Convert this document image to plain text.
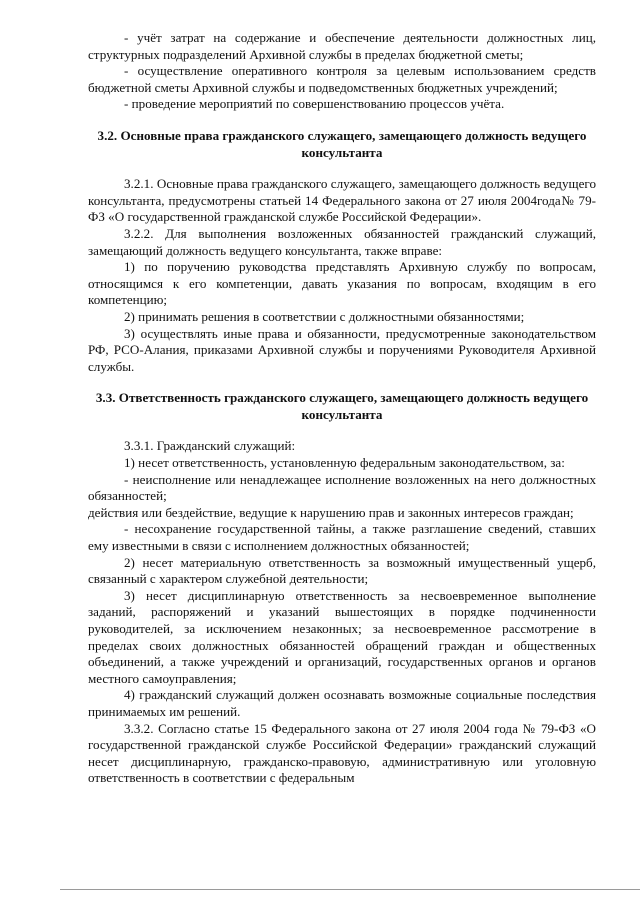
- учёт затрат на содержание и обеспечение деятельности должностных лиц, структурных подразделений Архивной службы в пределах бюджетной сметы;

- осуществление оперативного контроля за целевым использованием средств бюджетной сметы Архивной службы и подведомственных бюджетных учреждений;

- проведение мероприятий по совершенствованию процессов учёта.

3.2. Основные права гражданского служащего, замещающего должность ведущего консультанта

3.2.1. Основные права гражданского служащего, замещающего должность ведущего консультанта, предусмотрены статьей 14 Федерального закона от 27 июля 2004года№ 79-ФЗ «О государственной гражданской службе Российской Федерации».

3.2.2. Для выполнения возложенных обязанностей гражданский служащий, замещающий должность ведущего консультанта, также вправе:

1) по поручению руководства представлять Архивную службу по вопросам, относящимся к его компетенции, давать указания по вопросам, входящим в его компетенцию;

2) принимать решения в соответствии с должностными обязанностями;

3) осуществлять иные права и обязанности, предусмотренные законодательством РФ, РСО-Алания, приказами Архивной службы и поручениями Руководителя Архивной службы.

3.3. Ответственность гражданского служащего, замещающего должность ведущего консультанта

3.3.1. Гражданский служащий:

1) несет ответственность, установленную федеральным законодательством, за:

- неисполнение или ненадлежащее исполнение возложенных на него должностных обязанностей;

действия или бездействие, ведущие к нарушению прав и законных интересов граждан;

- несохранение государственной тайны, а также разглашение сведений, ставших ему известными в связи с исполнением должностных обязанностей;

2) несет материальную ответственность за возможный имущественный ущерб, связанный с характером служебной деятельности;

3) несет дисциплинарную ответственность за несвоевременное выполнение заданий, распоряжений и указаний вышестоящих в порядке подчиненности руководителей, за исключением незаконных; за несвоевременное рассмотрение в пределах своих должностных обязанностей обращений граждан и общественных объединений, а также учреждений и организаций, государственных органов и органов местного самоуправления;

4) гражданский служащий должен осознавать возможные социальные последствия принимаемых им решений.

3.3.2. Согласно статье 15 Федерального закона от 27 июля 2004 года № 79-ФЗ «О государственной гражданской службе Российской Федерации» гражданский служащий несет дисциплинарную, гражданско-правовую, административную или уголовную ответственность в соответствии с федеральным
